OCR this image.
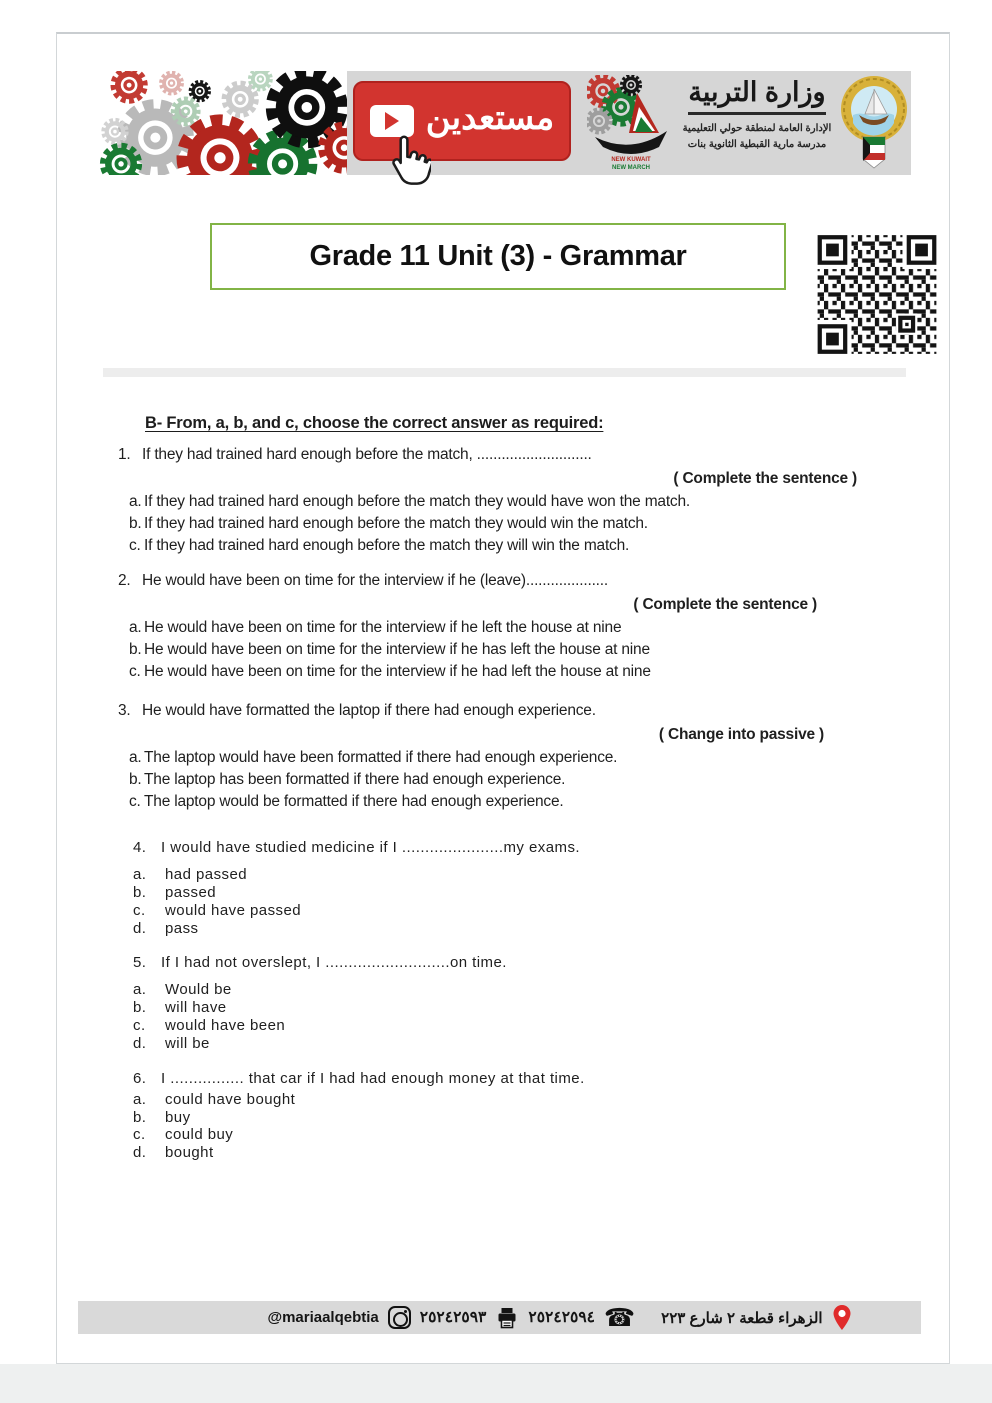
مستعدين
NEW KUWAIT
NEW MARCH
وزارة التربية
الإدارة العامة لمنطقة حولي التعليمية
مدرسة مارية القبطية الثانوية بنات
Grade 11 Unit (3) - Grammar
B- From, a, b, and c, choose the correct answer as required:
1. If they had trained hard enough before the match, ............................
( Complete the sentence )
a. If they had trained hard enough before the match they would have won the match.
b. If they had trained hard enough before the match they would win the match.
c. If they had trained hard enough before the match they will win the match.
2. He would have been on time for the interview if he (leave)....................
( Complete the sentence )
a. He would have been on time for the interview if he left the house at nine
b. He would have been on time for the interview if he has left the house at nine
c. He would have been on time for the interview if he had left the house at nine
3. He would have formatted the laptop if there had enough experience.
( Change into passive )
a. The laptop would have been formatted if there had enough experience.
b. The laptop has been formatted if there had enough experience.
c. The laptop would be formatted if there had enough experience.
4. I would have studied medicine if I ......................my exams.
a.	had passed
b.	passed
c.	would have passed
d.	pass
5. If I had not overslept, I ...........................on time.
a.	Would be
b.	will have
c.	would have been
d.	will be
6. I ................ that car if I had had enough money at that time.
a.	could have bought
b.	buy
c.	could buy
d.	bought
@mariaalqebtia	٢٥٢٤٢٥٩٣	٢٥٢٤٢٥٩٤ ☎ الزهراء قطعة ٢ شارع ٢٢٣
